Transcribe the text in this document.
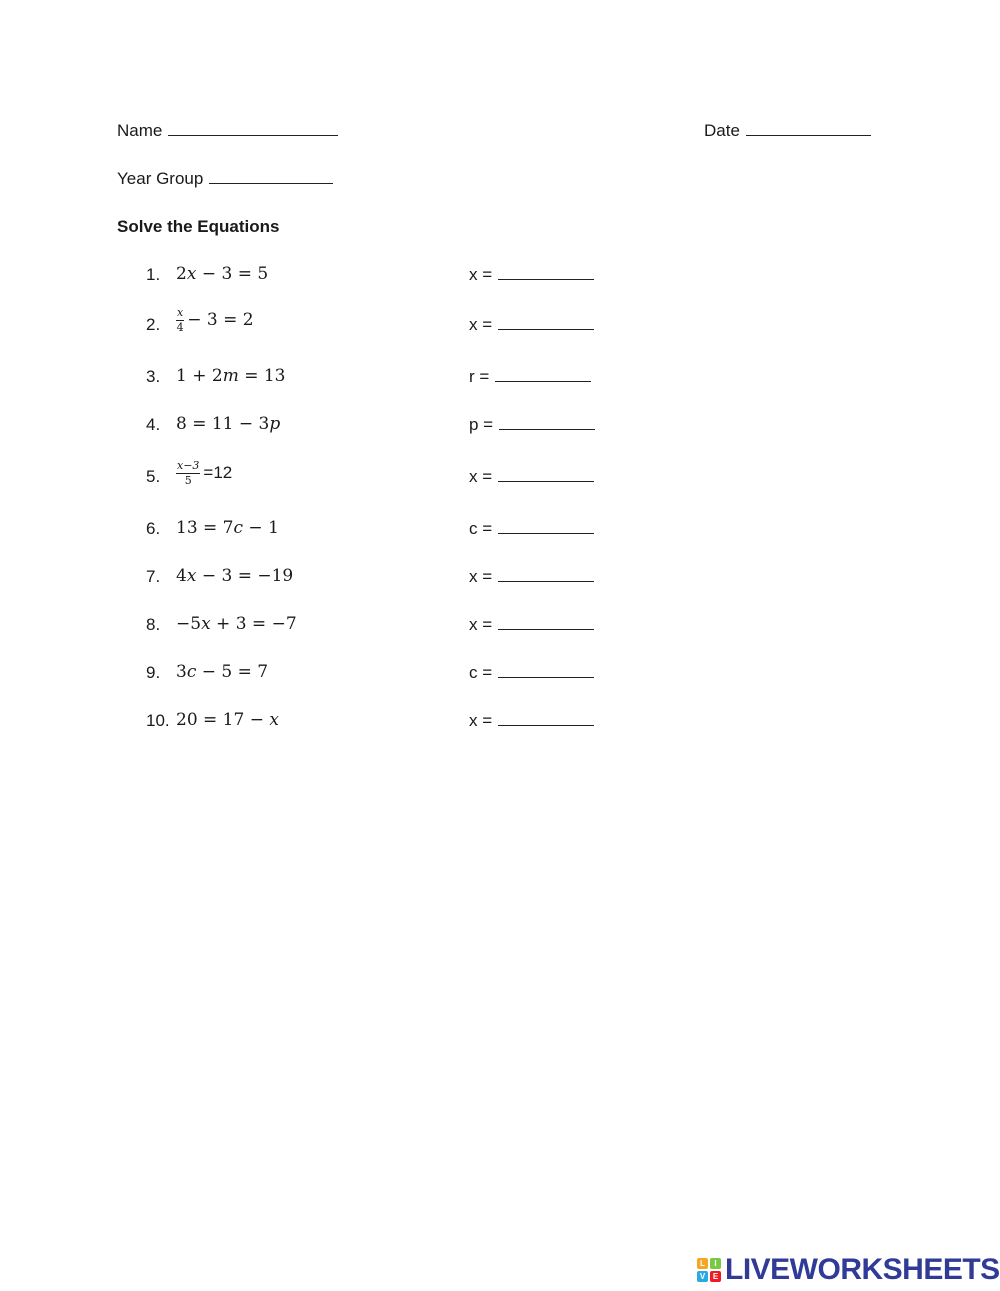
Name	Date
Year Group
Solve the Equations
1. 2x − 3 = 5	x =
2. $\frac{x}{4} - 3 = 2$	x =
3. 1 + 2m = 13	r =
4. 8 = 11 − 3p	p =
5. $\frac{x-3}{5} =12$	x =
6. 13 = 7c − 1	c =
7. 4x − 3 = −19	x =
8. −5x + 3 = −7	x =
9. 3c − 5 = 7	c =
10. 20 = 17 − x	x =
L	I
V E LIVEWORKSHEETS
